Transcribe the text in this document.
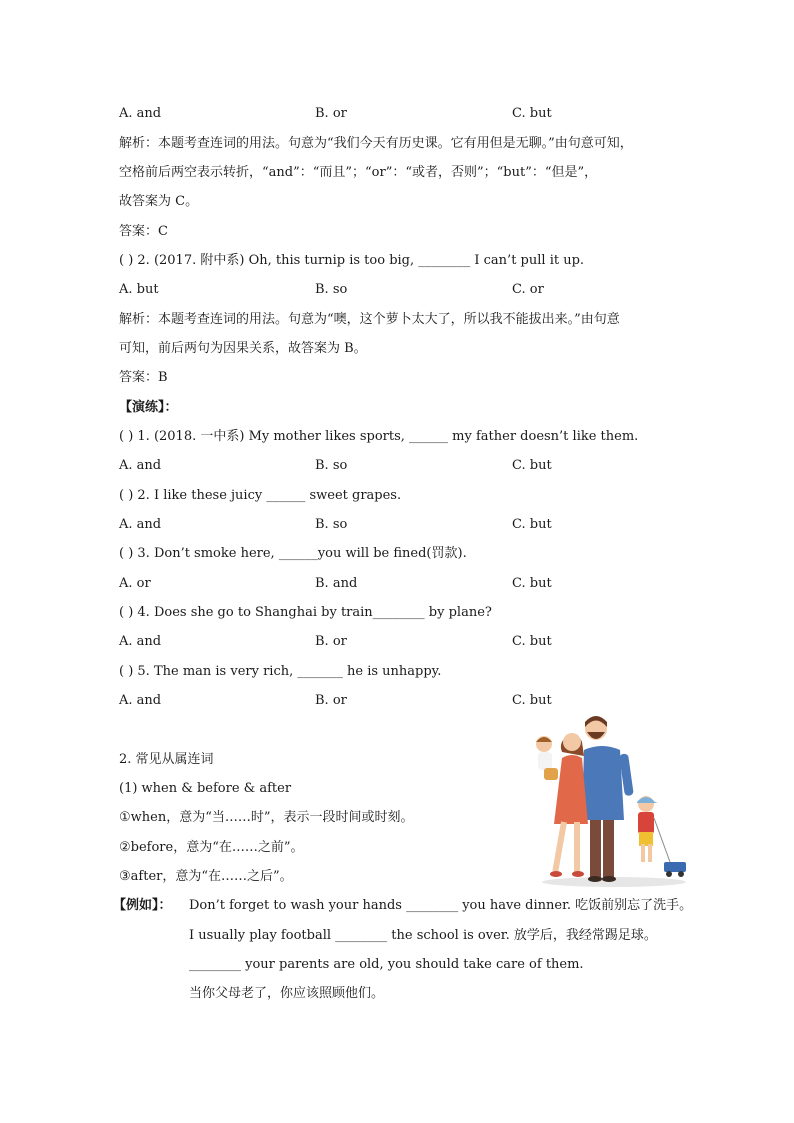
A. and	B. or	C. but
解析：本题考查连词的用法。句意为“我们今天有历史课。它有用但是无聊。”由句意可知，
空格前后两空表示转折，“and”：“而且”；“or”：“或者，否则”；“but”：“但是”，
故答案为 C。
答案：C
( ) 2. (2017. 附中系) Oh, this turnip is too big, ________ I can’t pull it up.
A. but	B. so	C. or
解析：本题考查连词的用法。句意为“噢，这个萝卜太大了，所以我不能拔出来。”由句意
可知，前后两句为因果关系，故答案为 B。
答案：B
【演练】：
( ) 1. (2018. 一中系) My mother likes sports, ______ my father doesn’t like them.
A. and	B. so	C. but
( ) 2. I like these juicy ______ sweet grapes.
A. and	B. so	C. but
( ) 3. Don’t smoke here, ______you will be fined(罚款).
A. or	B. and	C. but
( ) 4. Does she go to Shanghai by train________ by plane?
A. and	B. or	C. but
( ) 5. The man is very rich, _______ he is unhappy.
A. and	B. or	C. but
2. 常见从属连词
(1) when & before & after
①when，意为“当……时”，表示一段时间或时刻。
②before，意为“在……之前”。
③after，意为“在……之后”。
【例如】： Don’t forget to wash your hands ________ you have dinner. 吃饭前别忘了洗手。
I usually play football ________ the school is over. 放学后，我经常踢足球。
________ your parents are old, you should take care of them.
当你父母老了，你应该照顾他们。
